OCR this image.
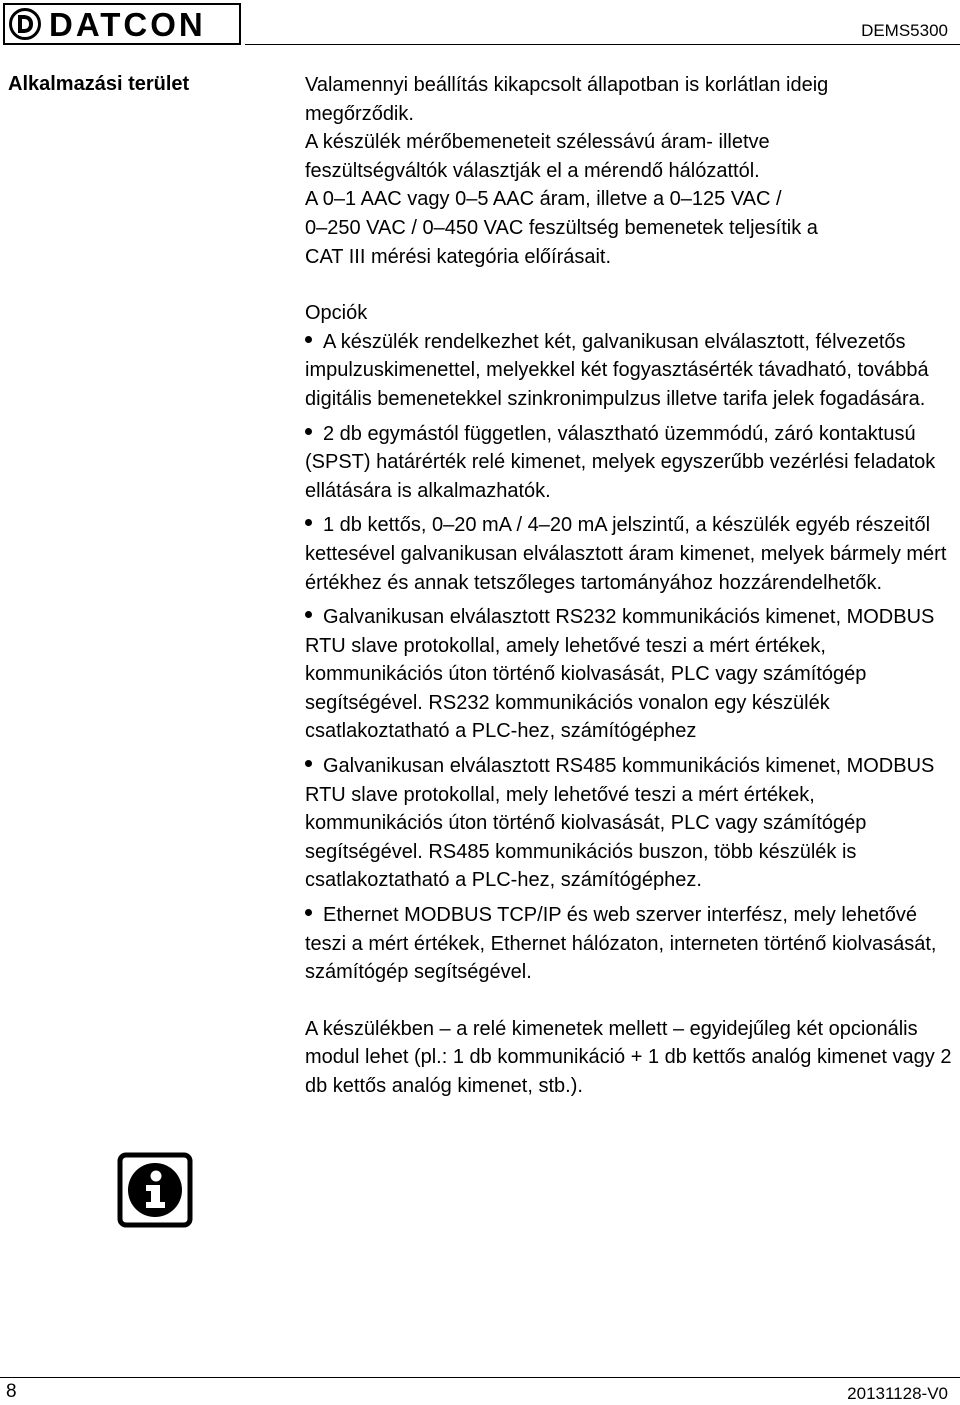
DATCON	DEMS5300
Alkalmazási terület	Valamennyi beállítás kikapcsolt állapotban is korlátlan ideig
megőrződik.
A készülék mérőbemeneteit szélessávú áram- illetve
feszültségváltók választják el a mérendő hálózattól.
A 0–1 AAC vagy 0–5 AAC áram, illetve a 0–125 VAC /
0–250 VAC / 0–450 VAC feszültség bemenetek teljesítik a
CAT III mérési kategória előírásait.

Opciók

A készülék rendelkezhet két, galvanikusan elválasztott, félvezetős impulzuskimenettel, melyekkel két fogyasztásérték távadható, továbbá digitális bemenetekkel szinkronimpulzus illetve tarifa jelek fogadására.
2 db egymástól független, választható üzemmódú, záró kontaktusú (SPST) határérték relé kimenet, melyek egyszerűbb vezérlési feladatok ellátására is alkalmazhatók.
1 db kettős, 0–20 mA / 4–20 mA jelszintű, a készülék egyéb részeitől kettesével galvanikusan elválasztott áram kimenet, melyek bármely mért értékhez és annak tetszőleges tartományához hozzárendelhetők.
Galvanikusan elválasztott RS232 kommunikációs kimenet, MODBUS RTU slave protokollal, amely lehetővé teszi a mért értékek, kommunikációs úton történő kiolvasását, PLC vagy számítógép segítségével. RS232 kommunikációs vonalon egy készülék csatlakoztatható a PLC-hez, számítógéphez
Galvanikusan elválasztott RS485 kommunikációs kimenet, MODBUS RTU slave protokollal, mely lehetővé teszi a mért értékek, kommunikációs úton történő kiolvasását, PLC vagy számítógép segítségével. RS485 kommunikációs buszon, több készülék is csatlakoztatható a PLC-hez, számítógéphez.
Ethernet MODBUS TCP/IP és web szerver interfész, mely lehetővé teszi a mért értékek, Ethernet hálózaton, interneten történő kiolvasását, számítógép segítségével.

A készülékben – a relé kimenetek mellett – egyidejűleg két opcionális modul lehet (pl.: 1 db kommunikáció + 1 db kettős analóg kimenet vagy 2 db kettős analóg kimenet, stb.).

8	20131128-V0
